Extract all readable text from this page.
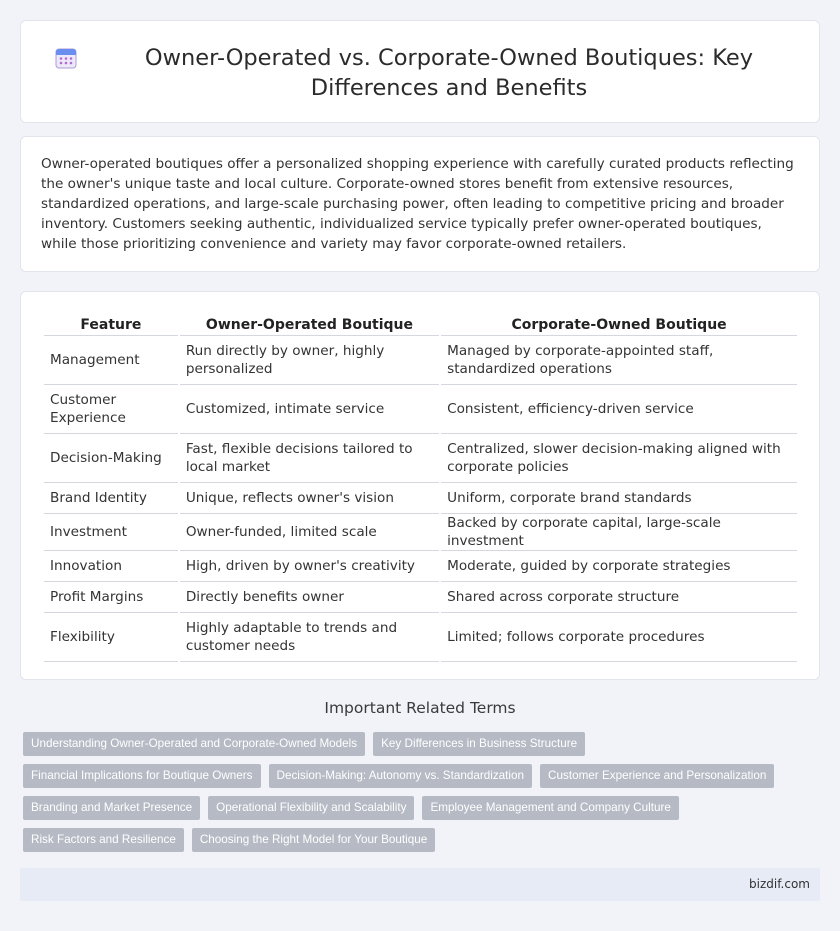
Owner-Operated vs. Corporate-Owned Boutiques: Key Differences and Benefits

Owner-operated boutiques offer a personalized shopping experience with carefully curated products reflecting the owner's unique taste and local culture. Corporate-owned stores benefit from extensive resources, standardized operations, and large-scale purchasing power, often leading to competitive pricing and broader inventory. Customers seeking authentic, individualized service typically prefer owner-operated boutiques, while those prioritizing convenience and variety may favor corporate-owned retailers.

Feature	Owner-Operated Boutique	Corporate-Owned Boutique
Management	Run directly by owner, highly personalized	Managed by corporate-appointed staff, standardized operations
Customer Experience	Customized, intimate service	Consistent, efficiency-driven service
Decision-Making	Fast, flexible decisions tailored to local market	Centralized, slower decision-making aligned with corporate policies
Brand Identity	Unique, reflects owner's vision	Uniform, corporate brand standards
Investment	Owner-funded, limited scale	Backed by corporate capital, large-scale investment
Innovation	High, driven by owner's creativity	Moderate, guided by corporate strategies
Profit Margins	Directly benefits owner	Shared across corporate structure
Flexibility	Highly adaptable to trends and customer needs	Limited; follows corporate procedures
Important Related Terms
Understanding Owner-Operated and Corporate-Owned Models	Key Differences in Business Structure
Financial Implications for Boutique Owners	Decision-Making: Autonomy vs. Standardization	Customer Experience and Personalization
Branding and Market Presence	Operational Flexibility and Scalability	Employee Management and Company Culture
Risk Factors and Resilience	Choosing the Right Model for Your Boutique
bizdif.com
